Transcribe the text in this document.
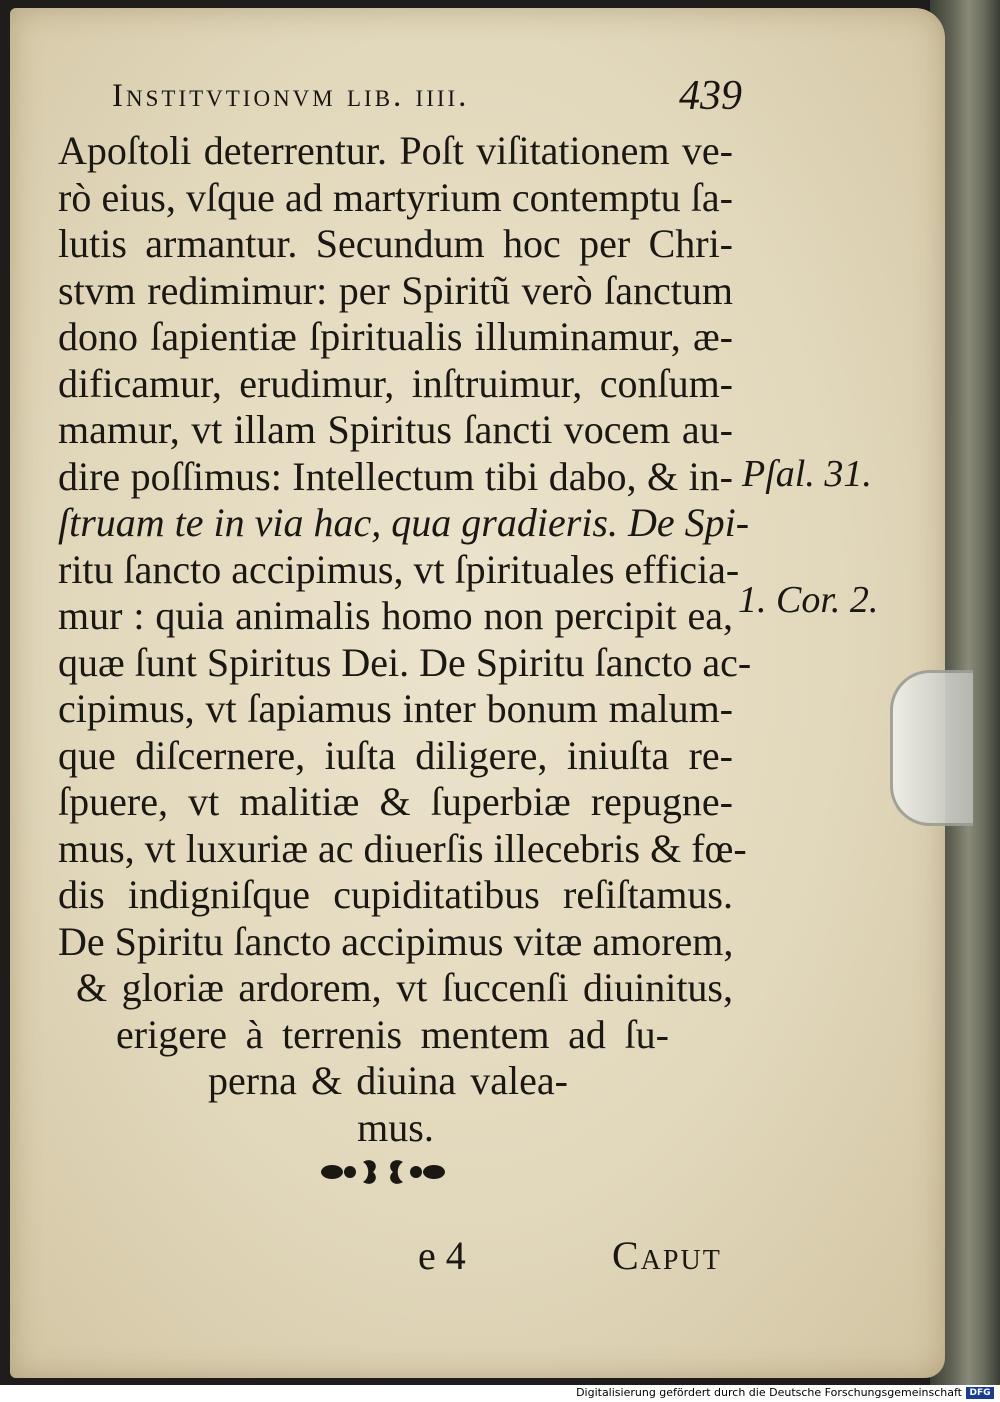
Institvtionvm lib. iiii.	439
Apoſtoli deterrentur. Poſt viſitationem ve-
rò eius, vſque ad martyrium contemptu ſa-
lutis armantur. Secundum hoc per Chri-
stvm redimimur: per Spiritũ verò ſanctum
dono ſapientiæ ſpiritualis illuminamur, æ-
dificamur, erudimur, inſtruimur, conſum-
mamur, vt illam Spiritus ſancti vocem au-
dire poſſimus: Intellectum tibi dabo, & in-
ſtruam te in via hac, qua gradieris. De Spi-
ritu ſancto accipimus, vt ſpirituales efficia-
mur : quia animalis homo non percipit ea,
quæ ſunt Spiritus Dei. De Spiritu ſancto ac-
cipimus, vt ſapiamus inter bonum malum-
que diſcernere, iuſta diligere, iniuſta re-
ſpuere, vt malitiæ & ſuperbiæ repugne-
mus, vt luxuriæ ac diuerſis illecebris & fœ-
dis indigniſque cupiditatibus reſiſtamus.
De Spiritu ſancto accipimus vitæ amorem,
& gloriæ ardorem, vt ſuccenſi diuinitus,
erigere à terrenis mentem ad ſu-
perna & diuina valea-
mus.
Pſal. 31.
1. Cor. 2.
e 4	Caput
Digitalisierung gefördert durch die Deutsche Forschungsgemeinschaft DFG
